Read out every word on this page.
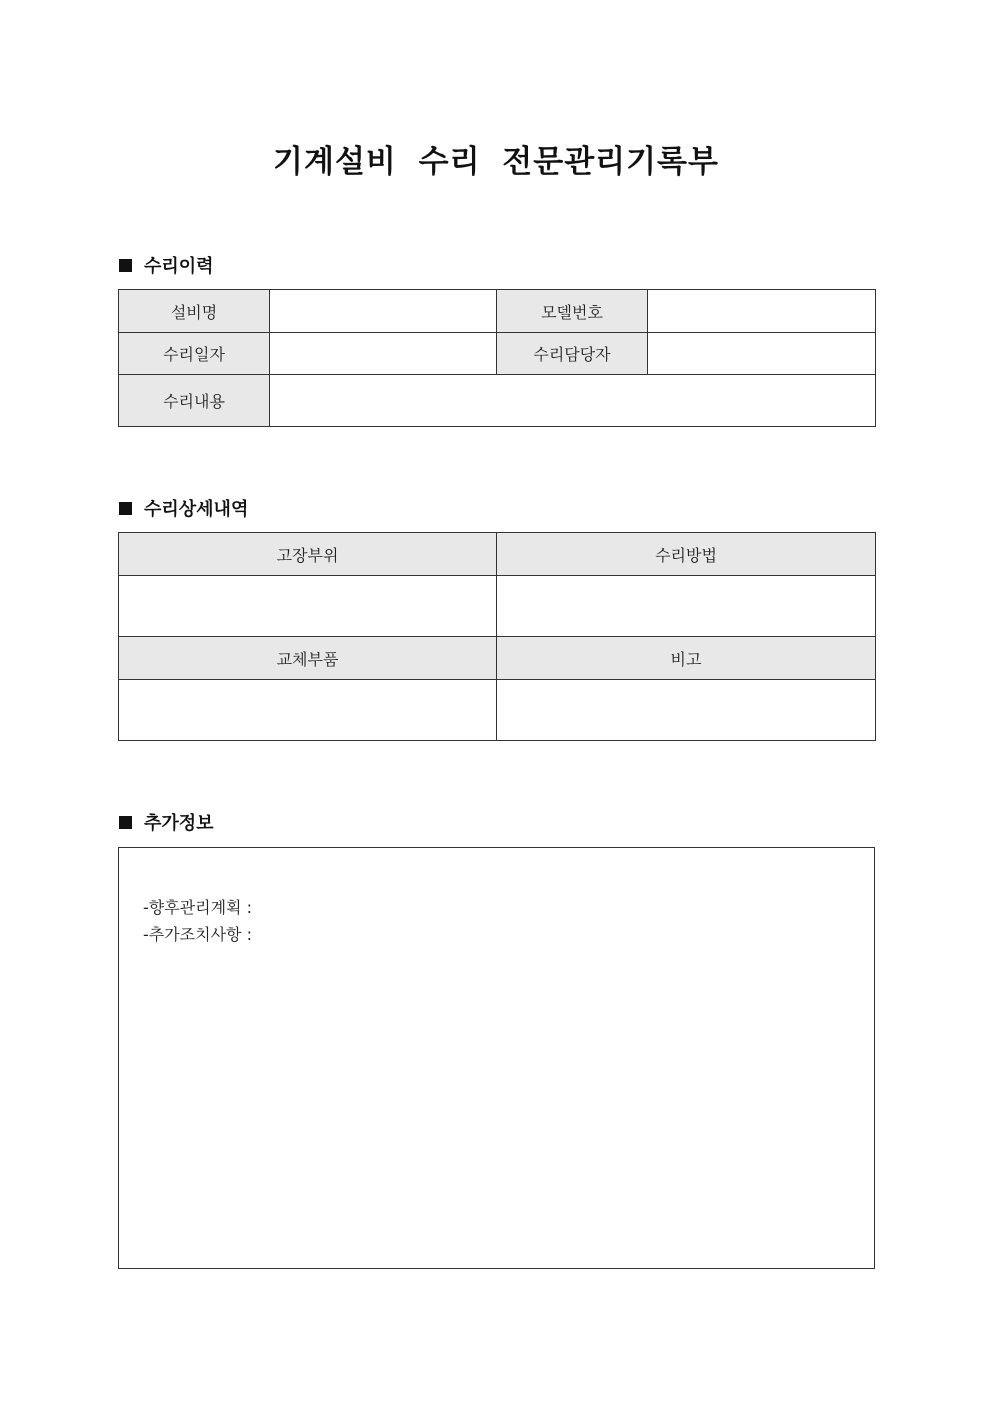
기계설비 수리 전문관리기록부
수리이력
설비명		모델번호	
수리일자		수리담당자	
수리내용			
수리상세내역
고장부위	수리방법

교체부품	비고

추가정보
-향후관리계획 :
-추가조치사항 :
